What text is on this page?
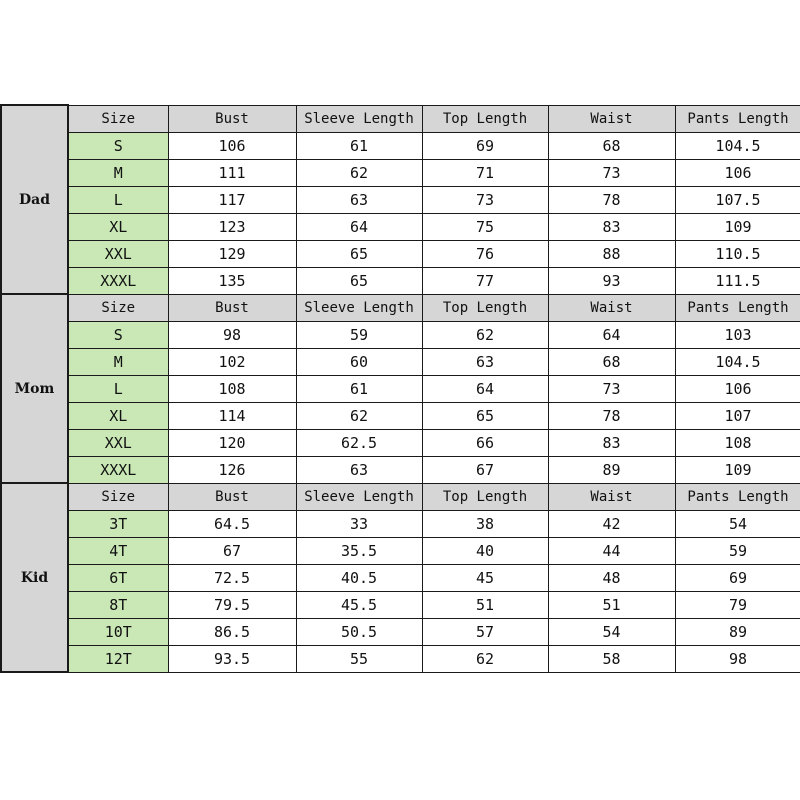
Dad	Size	Bust	Sleeve Length	Top Length	Waist	Pants Length
	S	106	61	69	68	104.5
	M	111	62	71	73	106
	L	117	63	73	78	107.5
	XL	123	64	75	83	109
	XXL	129	65	76	88	110.5
	XXXL	135	65	77	93	111.5
Mom	Size	Bust	Sleeve Length	Top Length	Waist	Pants Length
	S	98	59	62	64	103
	M	102	60	63	68	104.5
	L	108	61	64	73	106
	XL	114	62	65	78	107
	XXL	120	62.5	66	83	108
	XXXL	126	63	67	89	109
Kid	Size	Bust	Sleeve Length	Top Length	Waist	Pants Length
	3T	64.5	33	38	42	54
	4T	67	35.5	40	44	59
	6T	72.5	40.5	45	48	69
	8T	79.5	45.5	51	51	79
	10T	86.5	50.5	57	54	89
	12T	93.5	55	62	58	98
